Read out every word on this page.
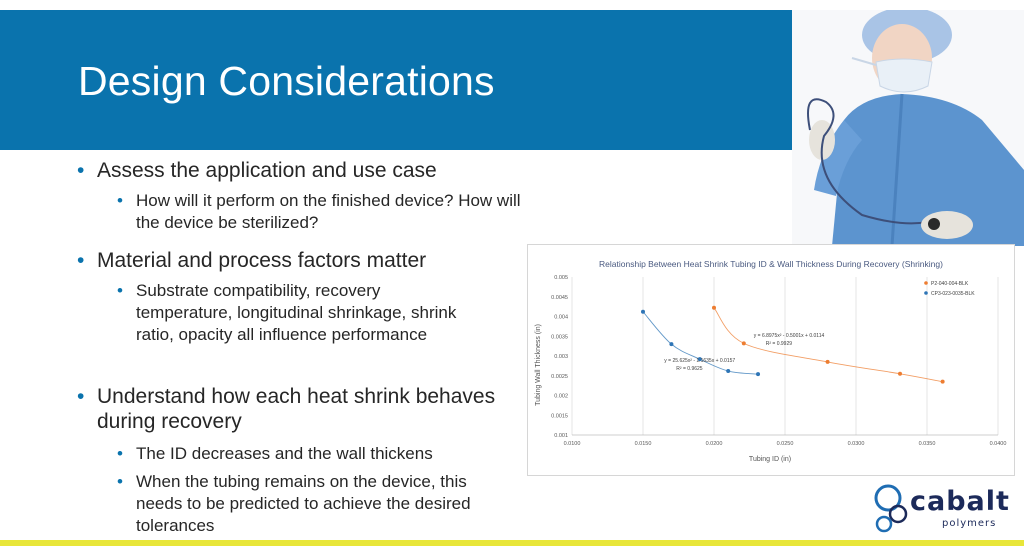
Design Considerations

• Assess the application and use case

• How will it perform on the finished device? How will the device be sterilized?

• Material and process factors matter

• Substrate compatibility, recovery temperature, longitudinal shrinkage, shrink ratio, opacity all influence performance

• Understand how each heat shrink behaves during recovery

• The ID decreases and the wall thickens

• When the tubing remains on the device, this needs to be predicted to achieve the desired tolerances

Relationship Between Heat Shrink Tubing ID & Wall Thickness During Recovery (Shrinking)
Tubing ID (in)
Tubing Wall Thickness (in)
0.0100	0.0150	0.0200	0.0250	0.0300	0.0350	0.0400
0.001
0.0015
0.002
0.0025
0.003
0.0035
0.004
0.0045
0.005
y = 6.8975x² - 0.5001x + 0.0114
R² = 0.9929
P2-040-004-BLK
y = 25.625x² - 1.1635x + 0.0157
R² = 0.9625
CP3-023-0035-BLK
cabalt
polymers
